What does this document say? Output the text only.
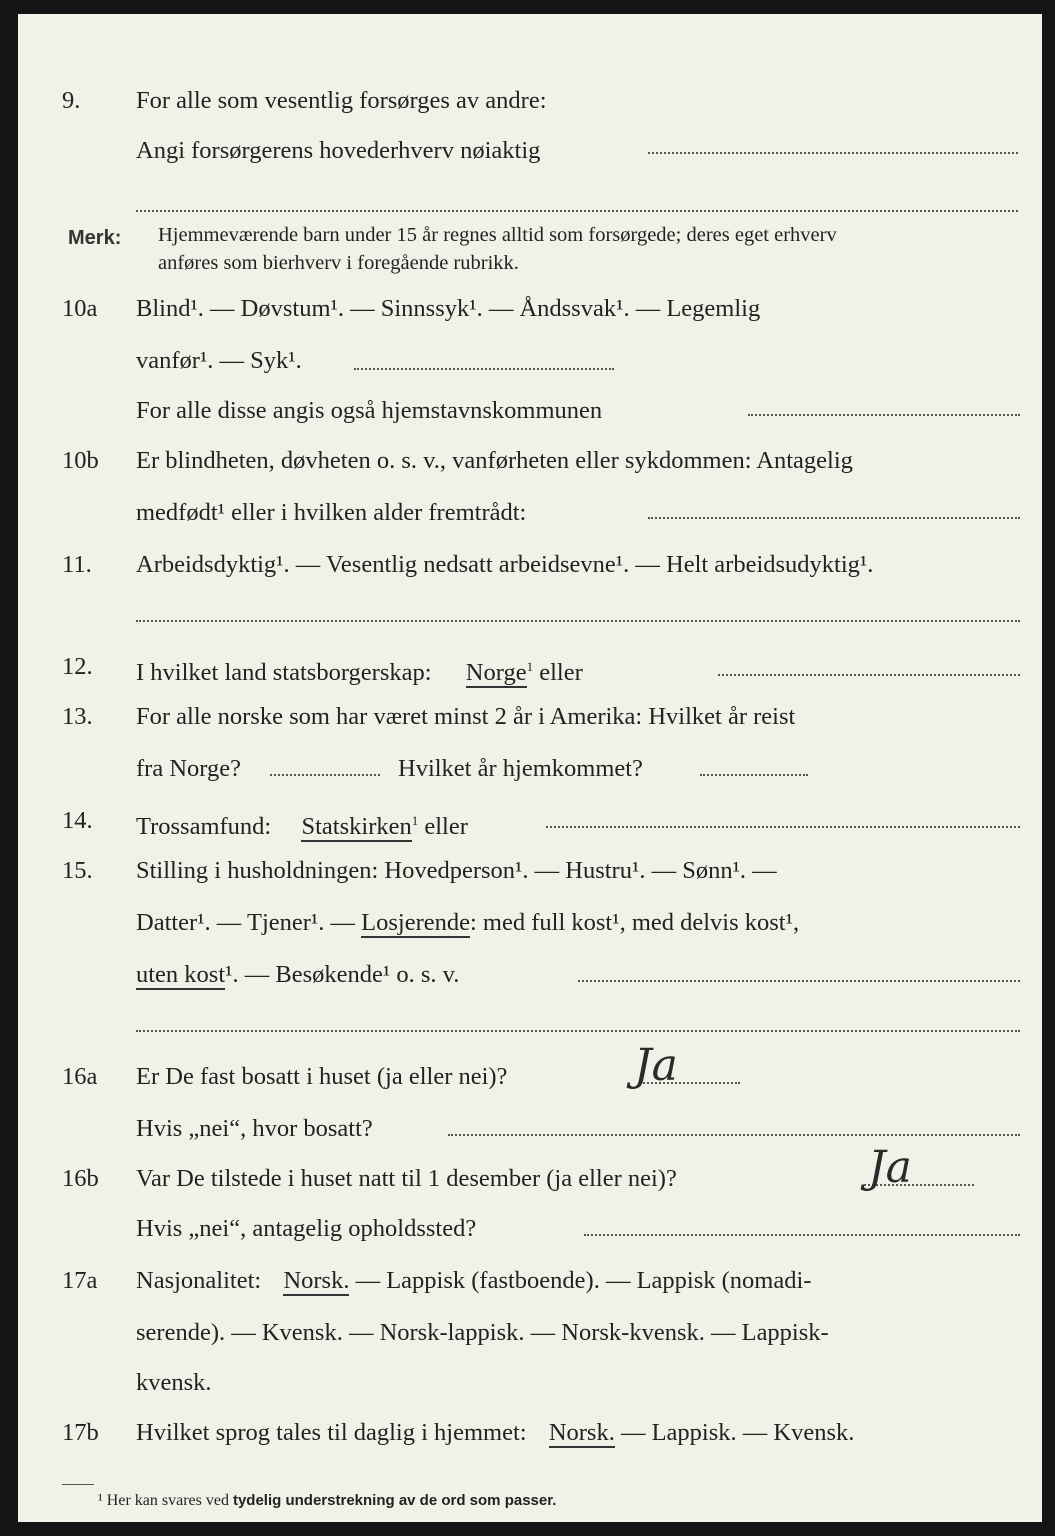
9.	For alle som vesentlig forsørges av andre:
Angi forsørgerens hovederhverv nøiaktig
Merk: Hjemmeværende barn under 15 år regnes alltid som forsørgede; deres eget erhverv
anføres som bierhverv i foregående rubrikk.
10a	Blind¹. — Døvstum¹. — Sinnssyk¹. — Åndssvak¹. — Legemlig
vanfør¹. — Syk¹.
For alle disse angis også hjemstavnskommunen
10b	Er blindheten, døvheten o. s. v., vanførheten eller sykdommen: Antagelig
medfødt¹ eller i hvilken alder fremtrådt:
11.	Arbeidsdyktig¹. — Vesentlig nedsatt arbeidsevne¹. — Helt arbeidsudyktig¹.
12.	I hvilket land statsborgerskap: Norge$^1$ eller
13.	For alle norske som har været minst 2 år i Amerika: Hvilket år reist
fra Norge?	Hvilket år hjemkommet?
14.	Trossamfund: Statskirken$^1$ eller
15.	Stilling i husholdningen: Hovedperson¹. — Hustru¹. — Sønn¹. —
Datter¹. — Tjener¹. — Losjerende: med full kost¹, med delvis kost¹,
uten kost¹. — Besøkende¹ o. s. v.
16a	Er De fast bosatt i huset (ja eller nei)?	Ja
Hvis „nei“, hvor bosatt?
16b	Var De tilstede i huset natt til 1 desember (ja eller nei)?	Ja
Hvis „nei“, antagelig opholdssted?
17a	Nasjonalitet: Norsk. — Lappisk (fastboende). — Lappisk (nomadi-
serende). — Kvensk. — Norsk-lappisk. — Norsk-kvensk. — Lappisk-
kvensk.
17b	Hvilket sprog tales til daglig i hjemmet: Norsk. — Lappisk. — Kvensk.
¹ Her kan svares ved tydelig understrekning av de ord som passer.
